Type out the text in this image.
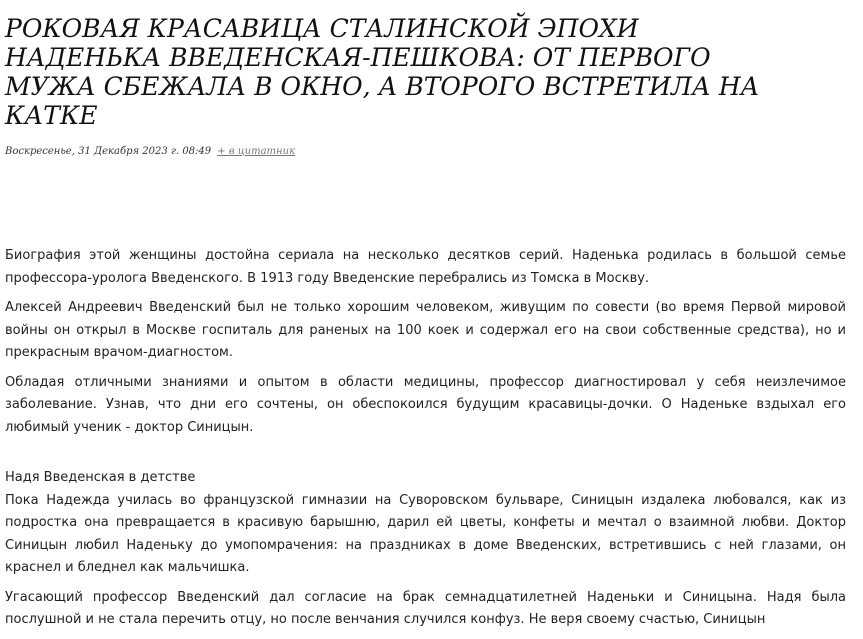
РОКОВАЯ КРАСАВИЦА СТАЛИНСКОЙ ЭПОХИ НАДЕНЬКА ВВЕДЕНСКАЯ-ПЕШКОВА: ОТ ПЕРВОГО МУЖА СБЕЖАЛА В ОКНО, А ВТОРОГО ВСТРЕТИЛА НА КАТКЕ
Воскресенье, 31 Декабря 2023 г. 08:49 + в цитатник

Биография этой женщины достойна сериала на несколько десятков серий. Наденька родилась в большой семье профессора-уролога Введенского. В 1913 году Введенские перебрались из Томска в Москву.

Алексей Андреевич Введенский был не только хорошим человеком, живущим по совести (во время Первой мировой войны он открыл в Москве госпиталь для раненых на 100 коек и содержал его на свои собственные средства), но и прекрасным врачом-диагностом.

Обладая отличными знаниями и опытом в области медицины, профессор диагностировал у себя неизлечимое заболевание. Узнав, что дни его сочтены, он обеспокоился будущим красавицы-дочки. О Наденьке вздыхал его любимый ученик - доктор Синицын.

Надя Введенская в детстве

Пока Надежда училась во французской гимназии на Суворовском бульваре, Синицын издалека любовался, как из подростка она превращается в красивую барышню, дарил ей цветы, конфеты и мечтал о взаимной любви. Доктор Синицын любил Наденьку до умопомрачения: на праздниках в доме Введенских, встретившись с ней глазами, он краснел и бледнел как мальчишка.

Угасающий профессор Введенский дал согласие на брак семнадцатилетней Наденьки и Синицына. Надя была послушной и не стала перечить отцу, но после венчания случился конфуз. Не веря своему счастью, Синицын
